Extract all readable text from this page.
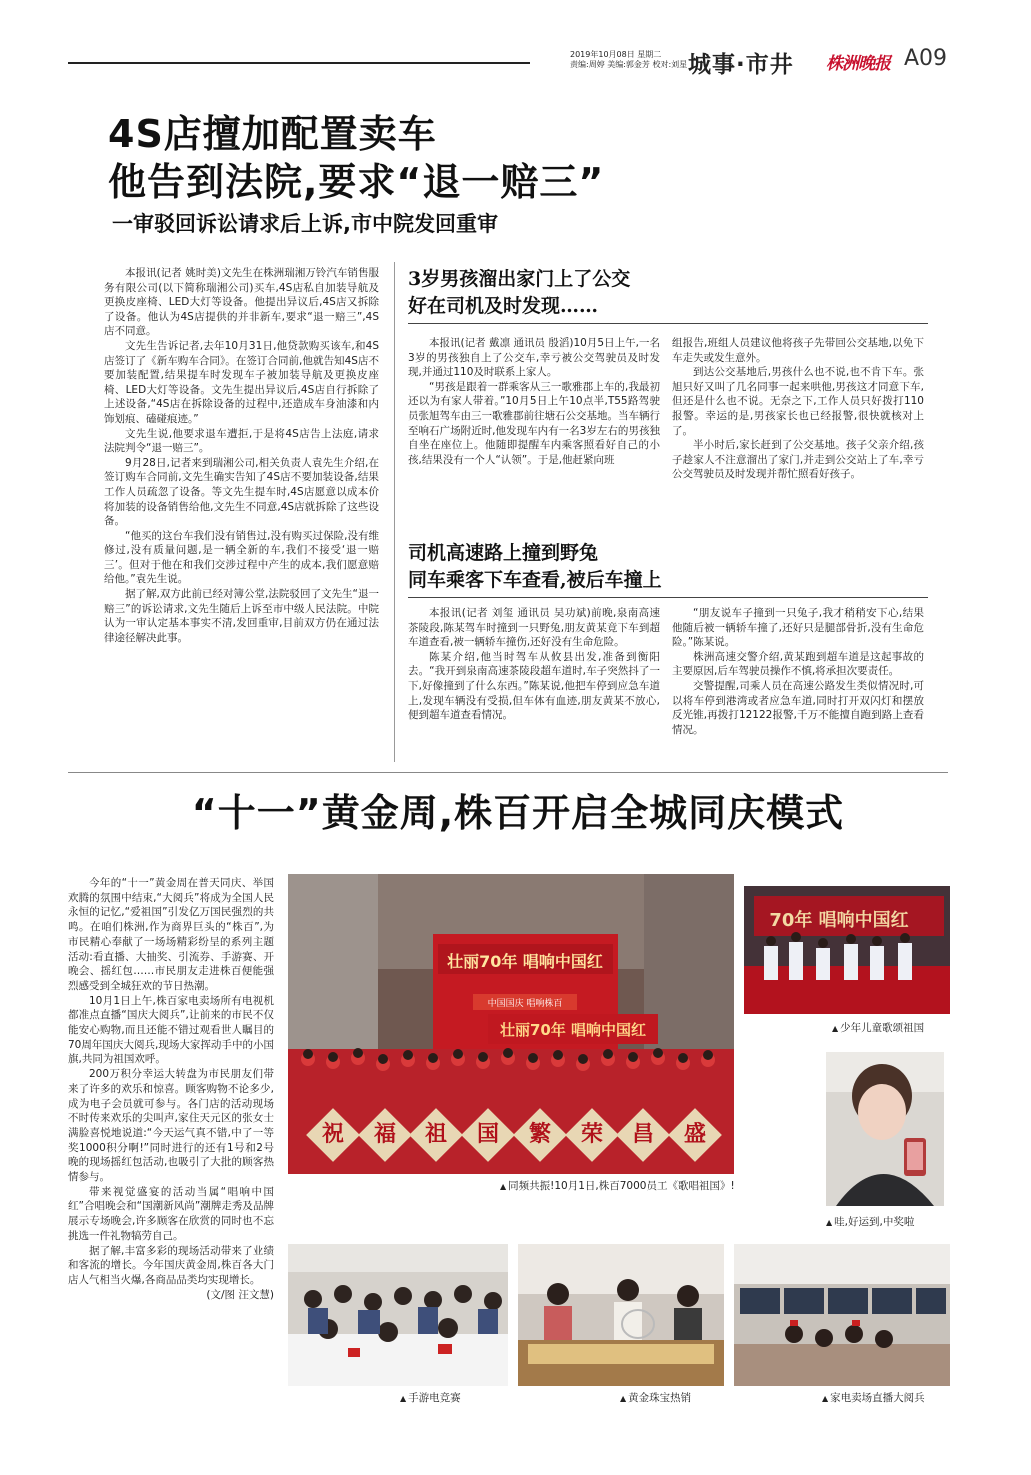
2019年10月08日 星期二
责编:周婷 美编:郭金芳 校对:刘星 城事·市井 株洲晚报 A09
4S店擅加配置卖车
他告到法院,要求“退一赔三”
一审驳回诉讼请求后上诉,市中院发回重审

本报讯(记者 姚时美)文先生在株洲瑞湘万铃汽车销售服务有限公司(以下简称瑞湘公司)买车,4S店私自加装导航及更换皮座椅、LED大灯等设备。他提出异议后,4S店又拆除了设备。他认为4S店提供的并非新车,要求“退一赔三”,4S店不同意。

文先生告诉记者,去年10月31日,他贷款购买该车,和4S店签订了《新车购车合同》。在签订合同前,他就告知4S店不要加装配置,结果提车时发现车子被加装导航及更换皮座椅、LED大灯等设备。文先生提出异议后,4S店自行拆除了上述设备,“4S店在拆除设备的过程中,还造成车身油漆和内饰划痕、磕碰痕迹。”

文先生说,他要求退车遭拒,于是将4S店告上法庭,请求法院判令“退一赔三”。

9月28日,记者来到瑞湘公司,相关负责人袁先生介绍,在签订购车合同前,文先生确实告知了4S店不要加装设备,结果工作人员疏忽了设备。等文先生提车时,4S店愿意以成本价将加装的设备销售给他,文先生不同意,4S店就拆除了这些设备。

“他买的这台车我们没有销售过,没有购买过保险,没有维修过,没有质量问题,是一辆全新的车,我们不接受‘退一赔三’。但对于他在和我们交涉过程中产生的成本,我们愿意赔给他。”袁先生说。

据了解,双方此前已经对簿公堂,法院驳回了文先生“退一赔三”的诉讼请求,文先生随后上诉至市中级人民法院。中院认为一审认定基本事实不清,发回重审,目前双方仍在通过法律途径解决此事。

3岁男孩溜出家门上了公交
好在司机及时发现……

本报讯(记者 戴凛 通讯员 殷滔)10月5日上午,一名3岁的男孩独自上了公交车,幸亏被公交驾驶员及时发现,并通过110及时联系上家人。

“男孩是跟着一群乘客从三一歌雅郡上车的,我最初还以为有家人带着。”10月5日上午10点半,T55路驾驶员张旭驾车由三一歌雅郡前往塘石公交基地。当车辆行至响石广场附近时,他发现车内有一名3岁左右的男孩独自坐在座位上。他随即提醒车内乘客照看好自己的小孩,结果没有一个人“认领”。于是,他赶紧向班

组报告,班组人员建议他将孩子先带回公交基地,以免下车走失或发生意外。

到达公交基地后,男孩什么也不说,也不肯下车。张旭只好又叫了几名同事一起来哄他,男孩这才同意下车,但还是什么也不说。无奈之下,工作人员只好拨打110报警。幸运的是,男孩家长也已经报警,很快就核对上了。

半小时后,家长赶到了公交基地。孩子父亲介绍,孩子趁家人不注意溜出了家门,并走到公交站上了车,幸亏公交驾驶员及时发现并帮忙照看好孩子。

司机高速路上撞到野兔
同车乘客下车查看,被后车撞上

本报讯(记者 刘玺 通讯员 吴功斌)前晚,泉南高速茶陵段,陈某驾车时撞到一只野兔,朋友黄某竟下车到超车道查看,被一辆轿车撞伤,还好没有生命危险。

陈某介绍,他当时驾车从攸县出发,准备到衡阳去。“我开到泉南高速茶陵段超车道时,车子突然抖了一下,好像撞到了什么东西。”陈某说,他把车停到应急车道上,发现车辆没有受损,但车体有血迹,朋友黄某不放心,便到超车道查看情况。

“朋友说车子撞到一只兔子,我才稍稍安下心,结果他随后被一辆轿车撞了,还好只是腿部骨折,没有生命危险。”陈某说。

株洲高速交警介绍,黄某跑到超车道是这起事故的主要原因,后车驾驶员操作不慎,将承担次要责任。

交警提醒,司乘人员在高速公路发生类似情况时,可以将车停到港湾或者应急车道,同时打开双闪灯和摆放反光锥,再拨打12122报警,千万不能擅自跑到路上查看情况。

“十一”黄金周,株百开启全城同庆模式

今年的“十一”黄金周在普天同庆、举国欢腾的氛围中结束,“大阅兵”将成为全国人民永恒的记忆,“爱祖国”引发亿万国民强烈的共鸣。在咱们株洲,作为商界巨头的“株百”,为市民精心奉献了一场场精彩纷呈的系列主题活动:看直播、大抽奖、引流券、手游赛、开晚会、摇红包……市民朋友走进株百便能强烈感受到全城狂欢的节日热潮。

10月1日上午,株百家电卖场所有电视机都准点直播“国庆大阅兵”,让前来的市民不仅能安心购物,而且还能不错过观看世人瞩目的70周年国庆大阅兵,现场大家挥动手中的小国旗,共同为祖国欢呼。

200万积分幸运大转盘为市民朋友们带来了许多的欢乐和惊喜。顾客购物不论多少,成为电子会员就可参与。各门店的活动现场不时传来欢乐的尖叫声,家住天元区的张女士满脸喜悦地说道:“今天运气真不错,中了一等奖1000积分啊!”同时进行的还有1号和2号晚的现场摇红包活动,也吸引了大批的顾客热情参与。

带来视觉盛宴的活动当属“唱响中国红”合唱晚会和“国潮新风尚”潮牌走秀及品牌展示专场晚会,许多顾客在欣赏的同时也不忘挑选一件礼物犒劳自己。

据了解,丰富多彩的现场活动带来了业绩和客流的增长。今年国庆黄金周,株百各大门店人气相当火爆,各商品品类均实现增长。

(文/图 汪文慧)

壮丽70年 唱响中国红
中国国庆 唱响株百
壮丽70年 唱响中国红
祝	福	祖	国	繁	荣	昌	盛
▲ 同频共振!10月1日,株百7000员工《歌唱祖国》!
70年 唱响中国红
▲ 少年儿童歌颂祖国
▲ 哇,好运到,中奖啦
▲ 手游电竞赛	▲ 黄金珠宝热销	▲ 家电卖场直播大阅兵
